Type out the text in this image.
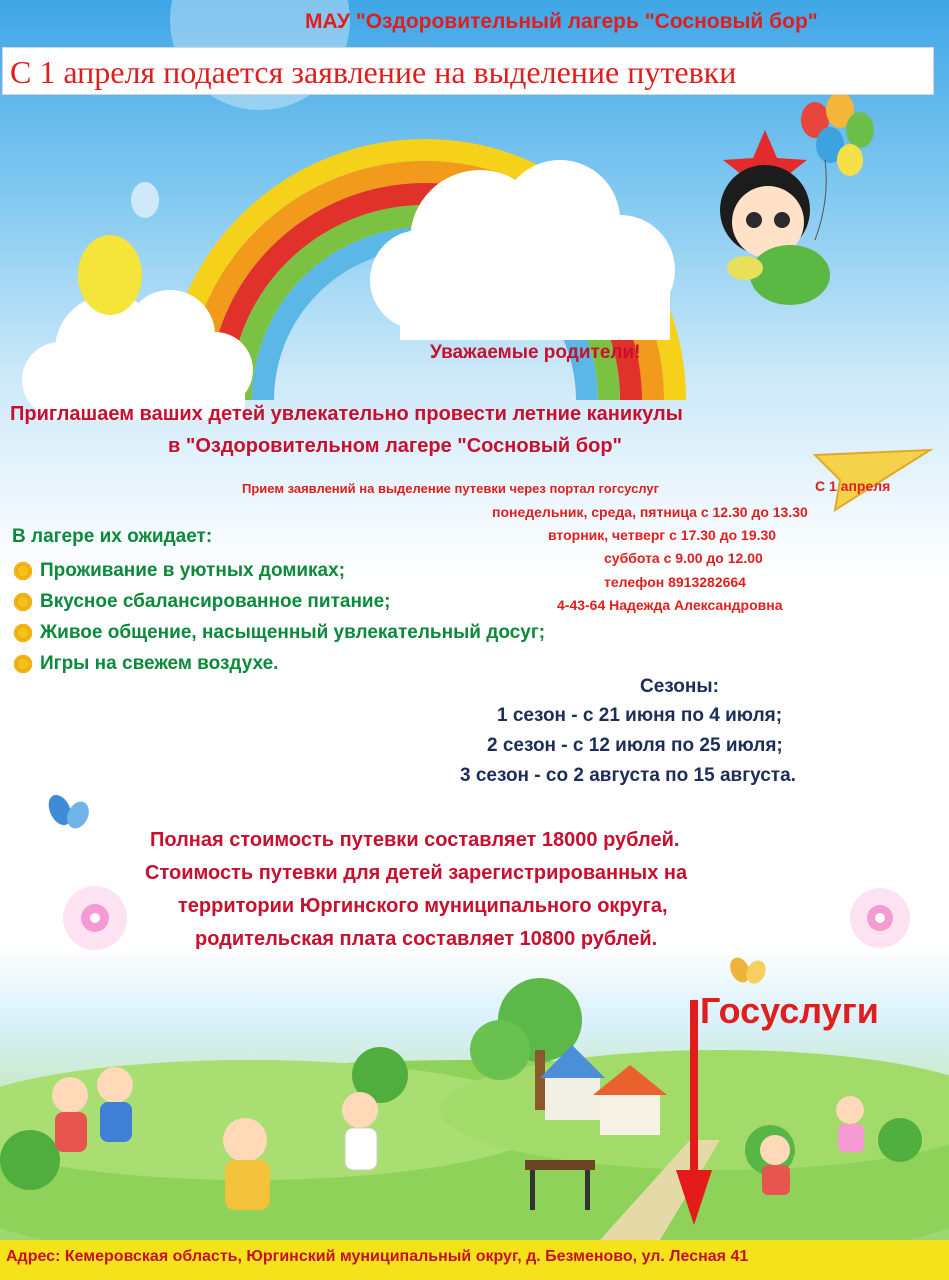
МАУ "Оздоровительный лагерь "Сосновый бор"
С 1 апреля подается заявление на выделение путевки
Уважаемые родители!
Приглашаем ваших детей увлекательно провести летние каникулы
в "Оздоровительном лагере "Сосновый бор"
Прием заявлений на выделение путевки через портал гогсуслуг	С 1 апреля
понедельник, среда, пятница с 12.30 до 13.30
вторник, четверг с 17.30 до 19.30
суббота с 9.00 до 12.00
телефон 8913282664
4-43-64 Надежда Александровна
В лагере их ожидает:
Проживание в уютных домиках;
Вкусное сбалансированное питание;
Живое общение, насыщенный увлекательный досуг;
Игры на свежем воздухе.
Сезоны:
1 сезон - с 21 июня по 4 июля;
2 сезон - с 12 июля по 25 июля;
3 сезон - со 2 августа по 15 августа.
Полная стоимость путевки составляет 18000 рублей.
Стоимость путевки для детей зарегистрированных на
территории Юргинского муниципального округа,
родительская плата составляет 10800 рублей.
Госуслуги
Адрес: Кемеровская область, Юргинский муниципальный округ, д. Безменово, ул. Лесная 41
